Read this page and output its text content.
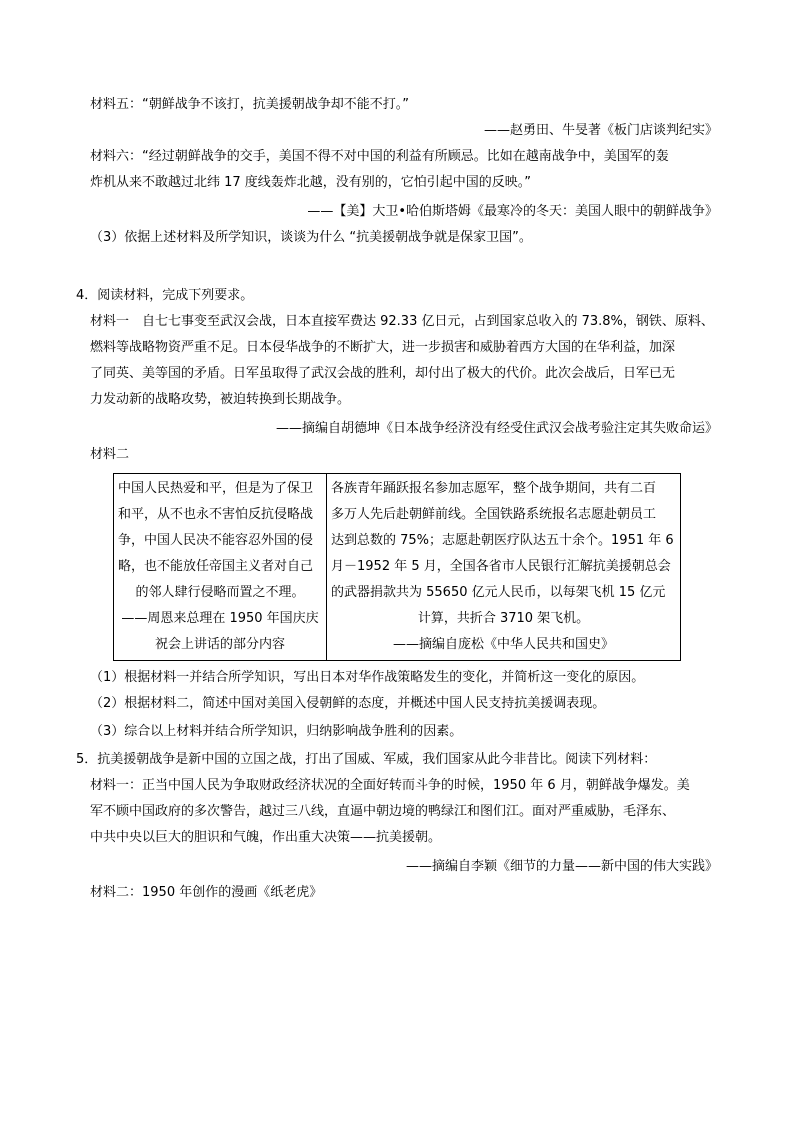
材料五：“朝鲜战争不该打，抗美援朝战争却不能不打。”
——赵勇田、牛旻著《板门店谈判纪实》
材料六：“经过朝鲜战争的交手，美国不得不对中国的利益有所顾忌。比如在越南战争中，美国军的轰
炸机从来不敢越过北纬 17 度线轰炸北越，没有别的，它怕引起中国的反映。”
——【美】大卫•哈伯斯塔姆《最寒冷的冬天：美国人眼中的朝鲜战争》
（3）依据上述材料及所学知识，谈谈为什么 “抗美援朝战争就是保家卫国”。
4．阅读材料，完成下列要求。
材料一　自七七事变至武汉会战，日本直接军费达 92.33 亿日元，占到国家总收入的 73.8%，钢铁、原料、
燃料等战略物资严重不足。日本侵华战争的不断扩大，进一步损害和威胁着西方大国的在华利益，加深
了同英、美等国的矛盾。日军虽取得了武汉会战的胜利，却付出了极大的代价。此次会战后，日军已无
力发动新的战略攻势，被迫转换到长期战争。
——摘编自胡德坤《日本战争经济没有经受住武汉会战考验注定其失败命运》
材料二
中国人民热爱和平，但是为了保卫
和平，从不也永不害怕反抗侵略战
争，中国人民决不能容忍外国的侵
略，也不能放任帝国主义者对自己
的邻人肆行侵略而置之不理。
——周恩来总理在 1950 年国庆庆
祝会上讲话的部分内容

各族青年踊跃报名参加志愿军，整个战争期间，共有二百
多万人先后赴朝鲜前线。全国铁路系统报名志愿赴朝员工
达到总数的 75%；志愿赴朝医疗队达五十余个。1951 年 6
月－1952 年 5 月，全国各省市人民银行汇解抗美援朝总会
的武器捐款共为 55650 亿元人民币，以每架飞机 15 亿元
计算，共折合 3710 架飞机。
——摘编自庞松《中华人民共和国史》
（1）根据材料一并结合所学知识，写出日本对华作战策略发生的变化，并简析这一变化的原因。
（2）根据材料二，简述中国对美国入侵朝鲜的态度，并概述中国人民支持抗美援调表现。
（3）综合以上材料并结合所学知识，归纳影响战争胜利的因素。
5．抗美援朝战争是新中国的立国之战，打出了国威、军威，我们国家从此今非昔比。阅读下列材料：
材料一：正当中国人民为争取财政经济状况的全面好转而斗争的时候，1950 年 6 月，朝鲜战争爆发。美
军不顾中国政府的多次警告，越过三八线，直逼中朝边境的鸭绿江和图们江。面对严重威胁，毛泽东、
中共中央以巨大的胆识和气魄，作出重大决策——抗美援朝。
——摘编自李颖《细节的力量——新中国的伟大实践》
材料二：1950 年创作的漫画《纸老虎》
